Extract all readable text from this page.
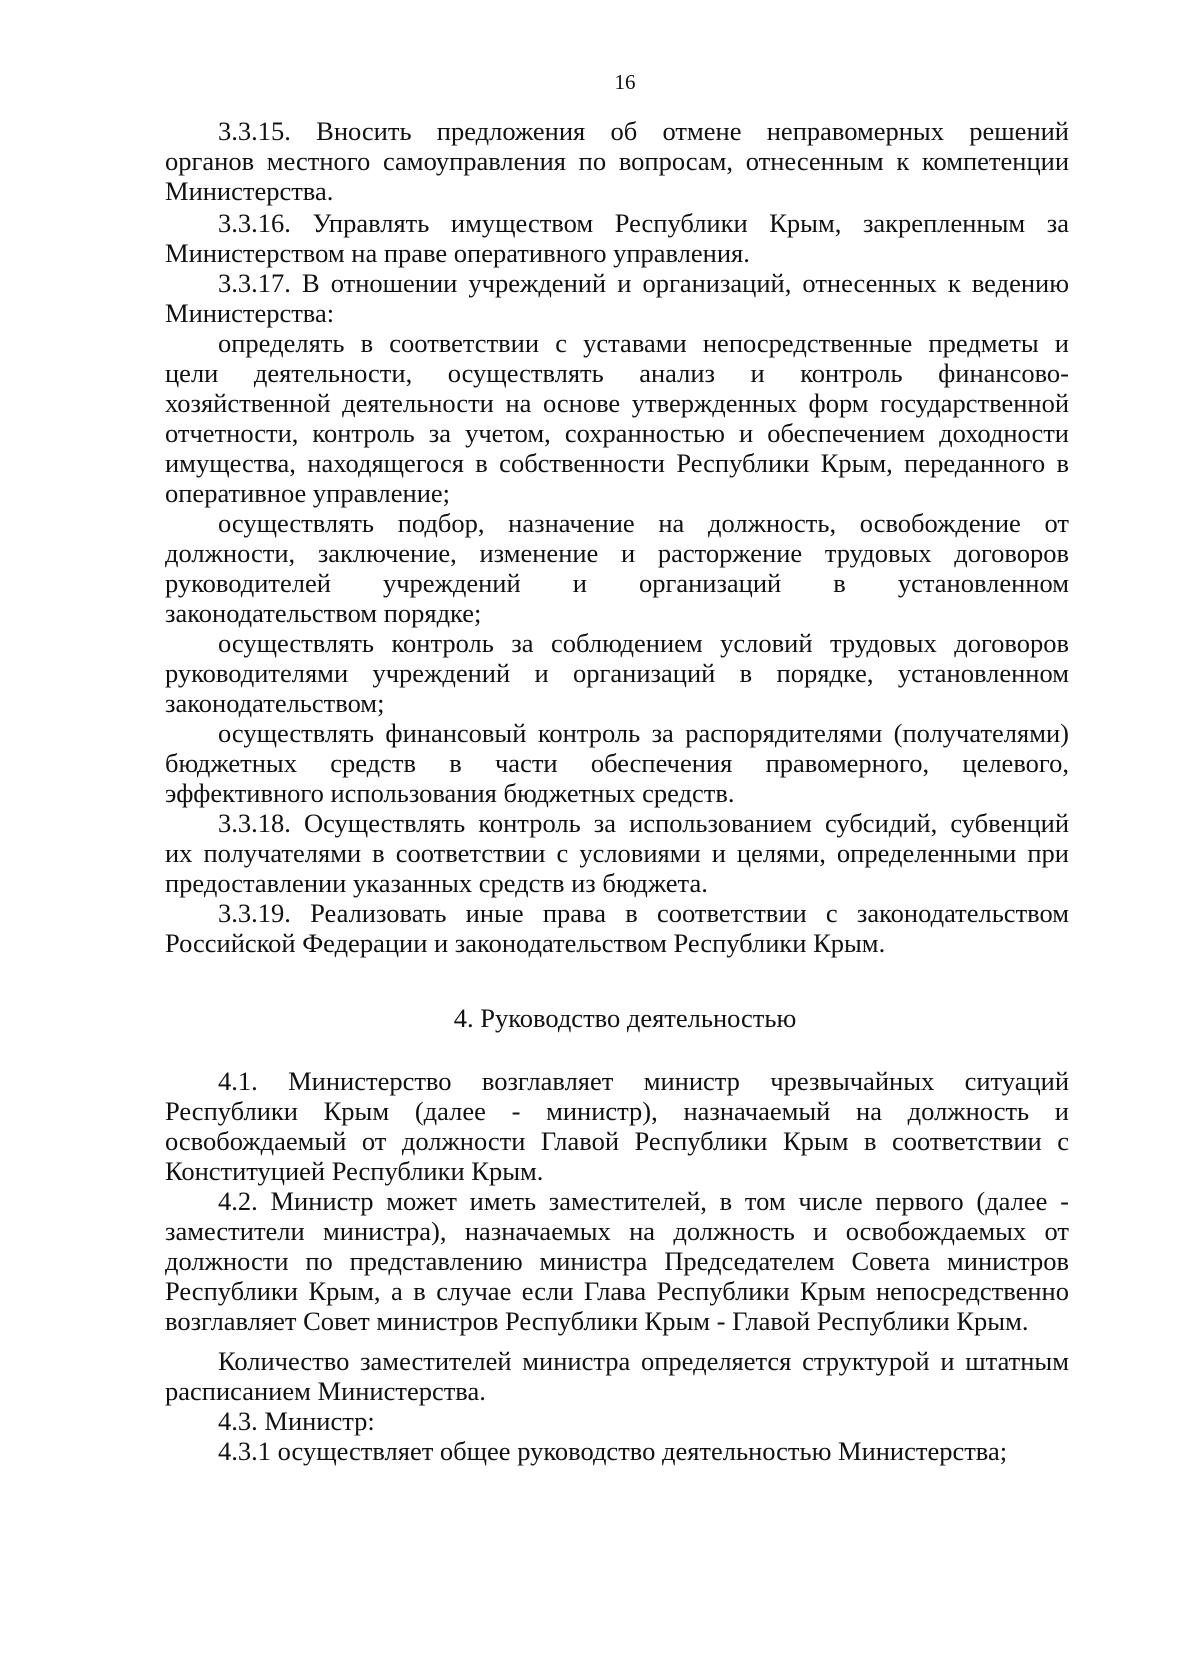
16

3.3.15. Вносить предложения об отмене неправомерных решений

органов местного самоуправления по вопросам, отнесенным к компетенции

Министерства.

3.3.16. Управлять имуществом Республики Крым, закрепленным за

Министерством на праве оперативного управления.

3.3.17. В отношении учреждений и организаций, отнесенных к ведению

Министерства:

определять в соответствии с уставами непосредственные предметы и

цели деятельности, осуществлять анализ и контроль финансово-

хозяйственной деятельности на основе утвержденных форм государственной

отчетности, контроль за учетом, сохранностью и обеспечением доходности

имущества, находящегося в собственности Республики Крым, переданного в

оперативное управление;

осуществлять подбор, назначение на должность, освобождение от

должности, заключение, изменение и расторжение трудовых договоров

руководителей учреждений и организаций в установленном

законодательством порядке;

осуществлять контроль за соблюдением условий трудовых договоров

руководителями учреждений и организаций в порядке, установленном

законодательством;

осуществлять финансовый контроль за распорядителями (получателями)

бюджетных средств в части обеспечения правомерного, целевого,

эффективного использования бюджетных средств.

3.3.18. Осуществлять контроль за использованием субсидий, субвенций

их получателями в соответствии с условиями и целями, определенными при

предоставлении указанных средств из бюджета.

3.3.19. Реализовать иные права в соответствии с законодательством

Российской Федерации и законодательством Республики Крым.

4. Руководство деятельностью

4.1. Министерство возглавляет министр чрезвычайных ситуаций

Республики Крым (далее - министр), назначаемый на должность и

освобождаемый от должности Главой Республики Крым в соответствии с

Конституцией Республики Крым.

4.2. Министр может иметь заместителей, в том числе первого (далее -

заместители министра), назначаемых на должность и освобождаемых от

должности по представлению министра Председателем Совета министров

Республики Крым, а в случае если Глава Республики Крым непосредственно

возглавляет Совет министров Республики Крым - Главой Республики Крым.

Количество заместителей министра определяется структурой и штатным

расписанием Министерства.

4.3. Министр:

4.3.1 осуществляет общее руководство деятельностью Министерства;
